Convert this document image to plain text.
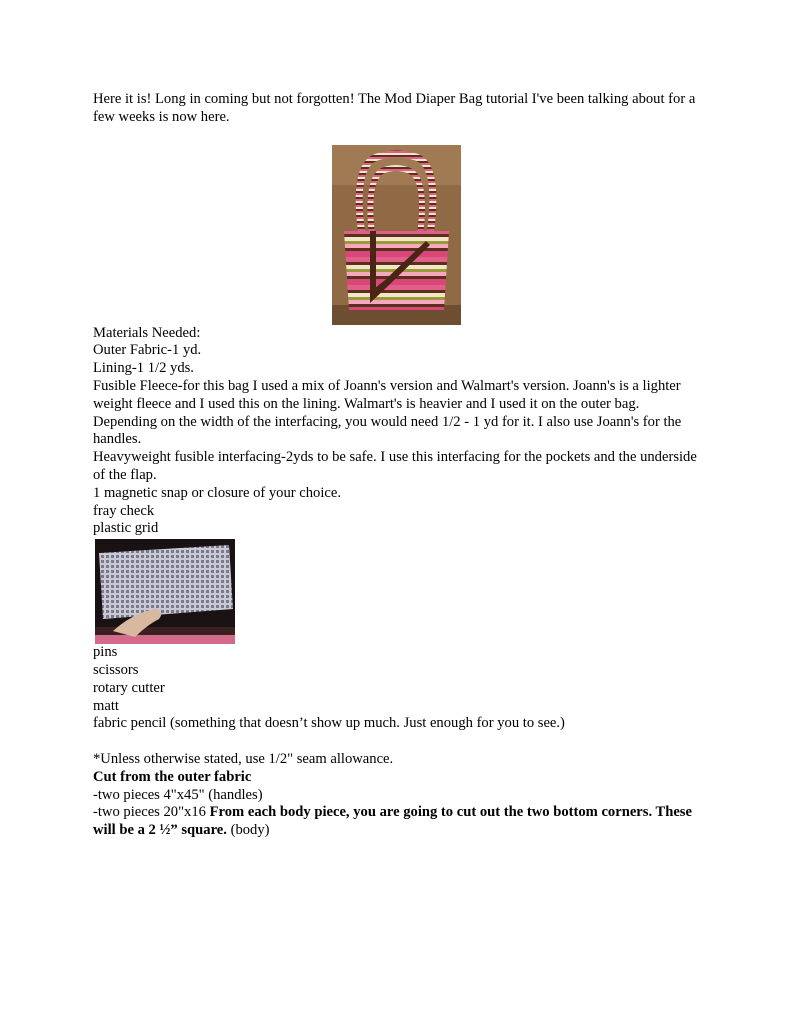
Here it is! Long in coming but not forgotten! The Mod Diaper Bag tutorial I've been talking about for a few weeks is now here.
Materials Needed:
Outer Fabric-1 yd.
Lining-1 1/2 yds.
Fusible Fleece-for this bag I used a mix of Joann's version and Walmart's version. Joann's is a lighter weight fleece and I used this on the lining. Walmart's is heavier and I used it on the outer bag. Depending on the width of the interfacing, you would need 1/2 - 1 yd for it. I also use Joann's for the handles.
Heavyweight fusible interfacing-2yds to be safe. I use this interfacing for the pockets and the underside of the flap.
1 magnetic snap or closure of your choice.
fray check
plastic grid
pins
scissors
rotary cutter
matt
fabric pencil (something that doesn’t show up much. Just enough for you to see.)
*Unless otherwise stated, use 1/2" seam allowance.
Cut from the outer fabric
-two pieces 4"x45" (handles)
-two pieces 20"x16 From each body piece, you are going to cut out the two bottom corners. These will be a 2 ½” square. (body)
